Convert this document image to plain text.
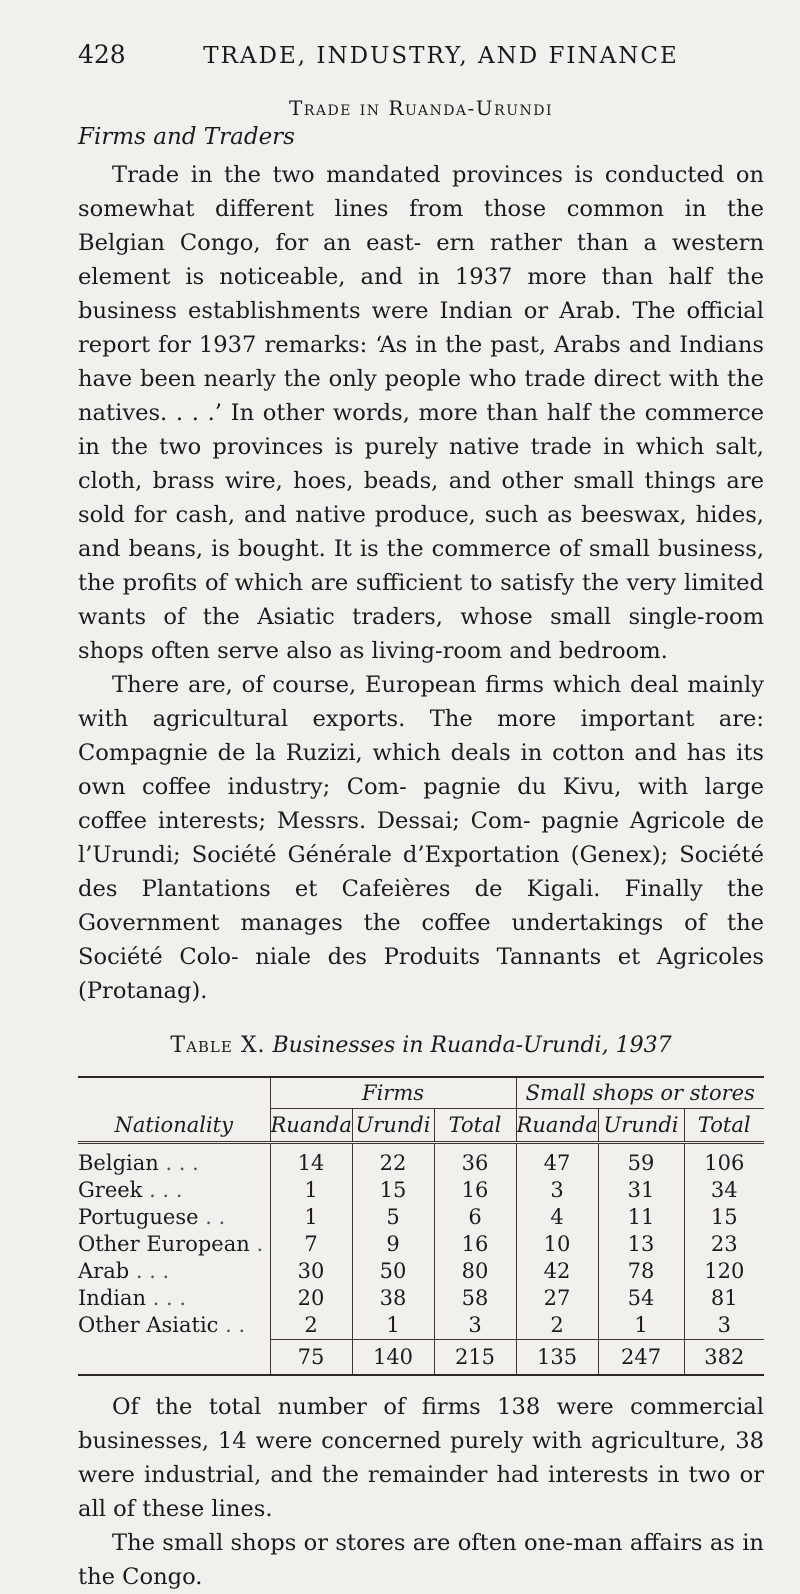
428	TRADE, INDUSTRY, AND FINANCE
Trade in Ruanda-Urundi
Firms and Traders

Trade in the two mandated provinces is conducted on somewhat different lines from those common in the Belgian Congo, for an east- ern rather than a western element is noticeable, and in 1937 more than half the business establishments were Indian or Arab. The official report for 1937 remarks: ‘As in the past, Arabs and Indians have been nearly the only people who trade direct with the natives. . . .’ In other words, more than half the commerce in the two provinces is purely native trade in which salt, cloth, brass wire, hoes, beads, and other small things are sold for cash, and native produce, such as beeswax, hides, and beans, is bought. It is the commerce of small business, the profits of which are sufficient to satisfy the very limited wants of the Asiatic traders, whose small single-room shops often serve also as living-room and bedroom.

There are, of course, European firms which deal mainly with agricultural exports. The more important are: Compagnie de la Ruzizi, which deals in cotton and has its own coffee industry; Com- pagnie du Kivu, with large coffee interests; Messrs. Dessai; Com- pagnie Agricole de l’Urundi; Société Générale d’Exportation (Genex); Société des Plantations et Cafeières de Kigali. Finally the Government manages the coffee undertakings of the Société Colo- niale des Produits Tannants et Agricoles (Protanag).

Table X. Businesses in Ruanda-Urundi, 1937
	Firms			Small shops or stores		
Nationality	Ruanda	Urundi	Total	Ruanda	Urundi	Total
Belgian . . .	14	22	36	47	59	106
Greek . . .	1	15	16	3	31	34
Portuguese . .	1	5	6	4	11	15
Other European .	7	9	16	10	13	23
Arab . . .	30	50	80	42	78	120
Indian . . .	20	38	58	27	54	81
Other Asiatic . .	2	1	3	2	1	3
	75	140	215	135	247	382

Of the total number of firms 138 were commercial businesses, 14 were concerned purely with agriculture, 38 were industrial, and the remainder had interests in two or all of these lines.

The small shops or stores are often one-man affairs as in the Congo.
